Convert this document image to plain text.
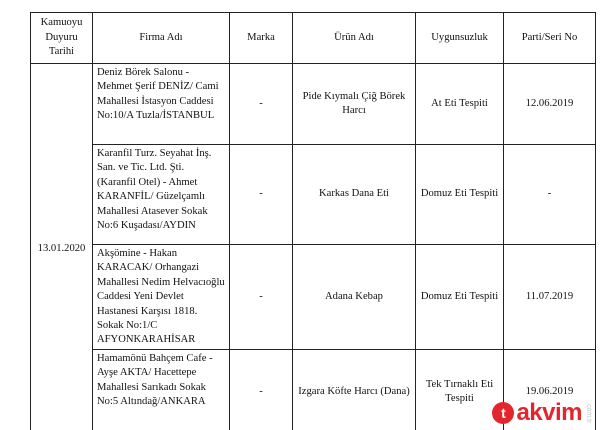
Kamuoyu Duyuru Tarihi	Firma Adı	Marka	Ürün Adı	Uygunsuzluk	Parti/Seri No
13.01.2020	Deniz Börek Salonu - Mehmet Şerif DENİZ/ Cami Mahallesi İstasyon Caddesi No:10/A Tuzla/İSTANBUL	-	Pide Kıymalı Çiğ Börek Harcı	At Eti Tespiti	12.06.2019

	Karanfil Turz. Seyahat İnş. San. ve Tic. Ltd. Şti. (Karanfil Otel) - Ahmet KARANFİL/ Güzelçamlı Mahallesi Atasever Sokak No:6 Kuşadası/AYDIN	-	Karkas Dana Eti	Domuz Eti Tespiti	-

	Akşömine - Hakan KARACAK/ Orhangazi Mahallesi Nedim Helvacıoğlu Caddesi Yeni Devlet Hastanesi Karşısı 1818. Sokak No:1/C AFYONKARAHİSAR	-	Adana Kebap	Domuz Eti Tespiti	11.07.2019

	Hamamönü Bahçem Cafe - Ayşe AKTA/ Hacettepe Mahallesi Sarıkadı Sokak No:5 Altındağ/ANKARA	-	Izgara Köfte Harcı (Dana)	Tek Tırnaklı Eti Tespiti	19.06.2019
t akvim .com.tr
